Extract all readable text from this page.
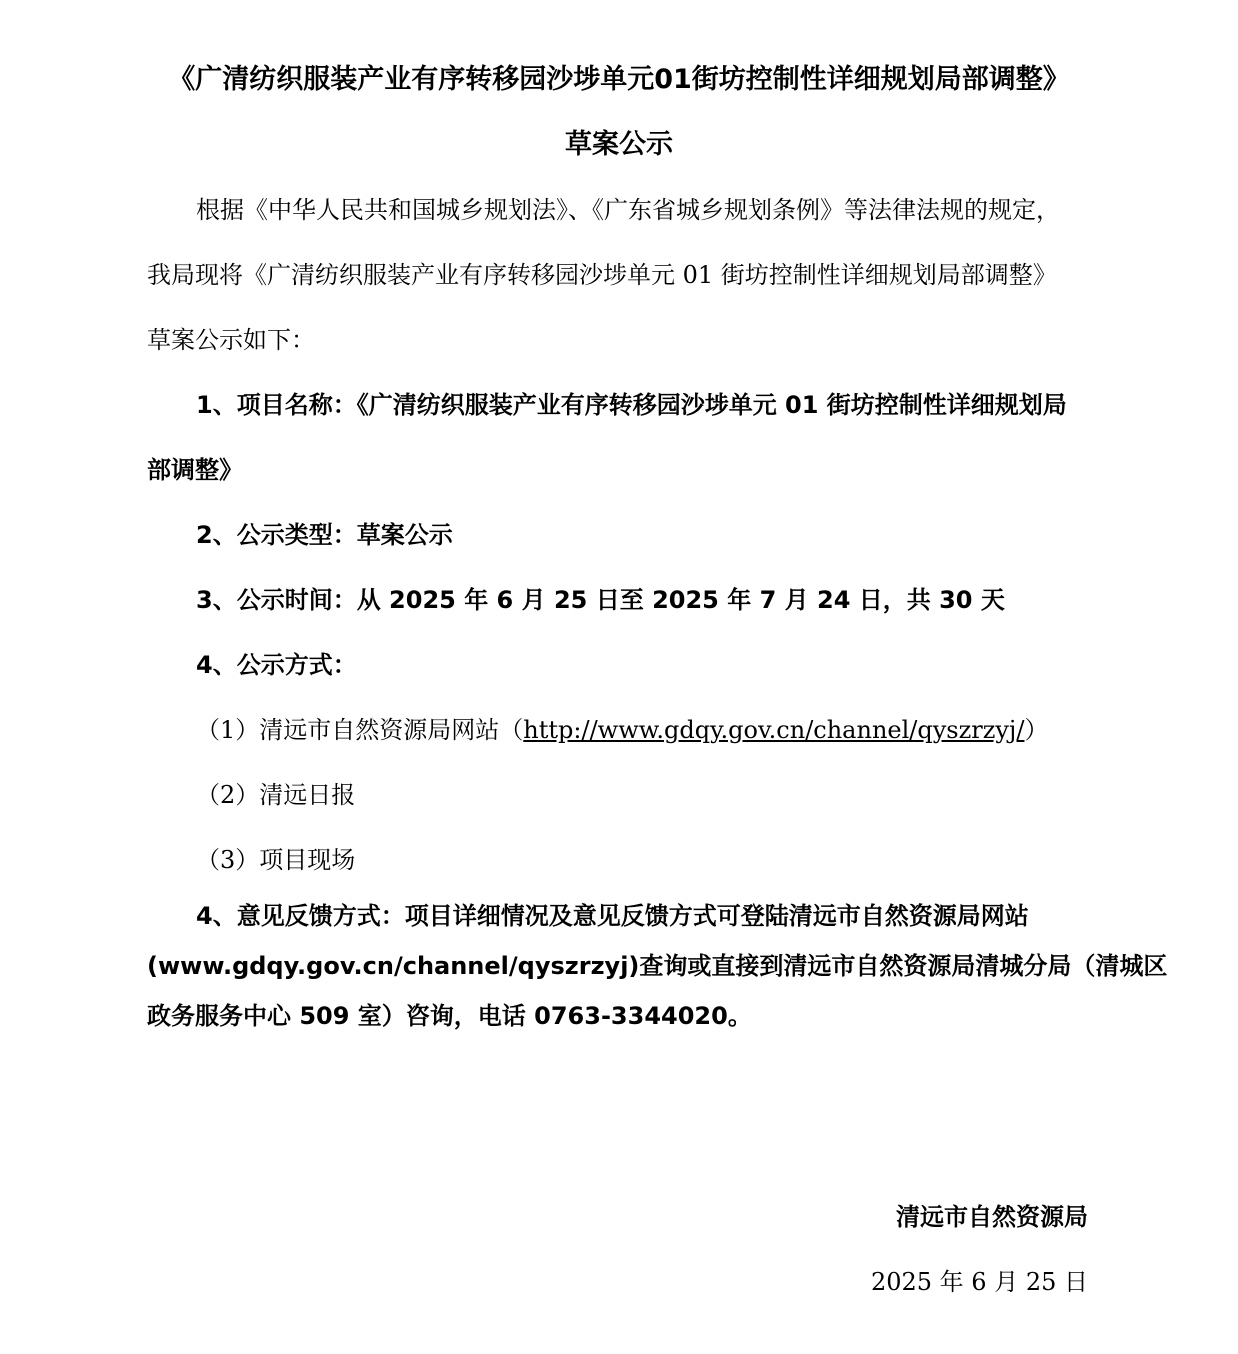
《广清纺织服装产业有序转移园沙埗单元01街坊控制性详细规划局部调整》
草案公示
根据《中华人民共和国城乡规划法》、《广东省城乡规划条例》等法律法规的规定，
我局现将《广清纺织服装产业有序转移园沙埗单元 01 街坊控制性详细规划局部调整》
草案公示如下：
1、项目名称：《广清纺织服装产业有序转移园沙埗单元 01 街坊控制性详细规划局
部调整》
2、公示类型：草案公示
3、公示时间：从 2025 年 6 月 25 日至 2025 年 7 月 24 日，共 30 天
4、公示方式：
（1）清远市自然资源局网站（http://www.gdqy.gov.cn/channel/qyszrzyj/）
（2）清远日报
（3）项目现场
4、意见反馈方式：项目详细情况及意见反馈方式可登陆清远市自然资源局网站
(www.gdqy.gov.cn/channel/qyszrzyj)查询或直接到清远市自然资源局清城分局（清城区
政务服务中心 509 室）咨询，电话 0763-3344020。
清远市自然资源局
2025 年 6 月 25 日
